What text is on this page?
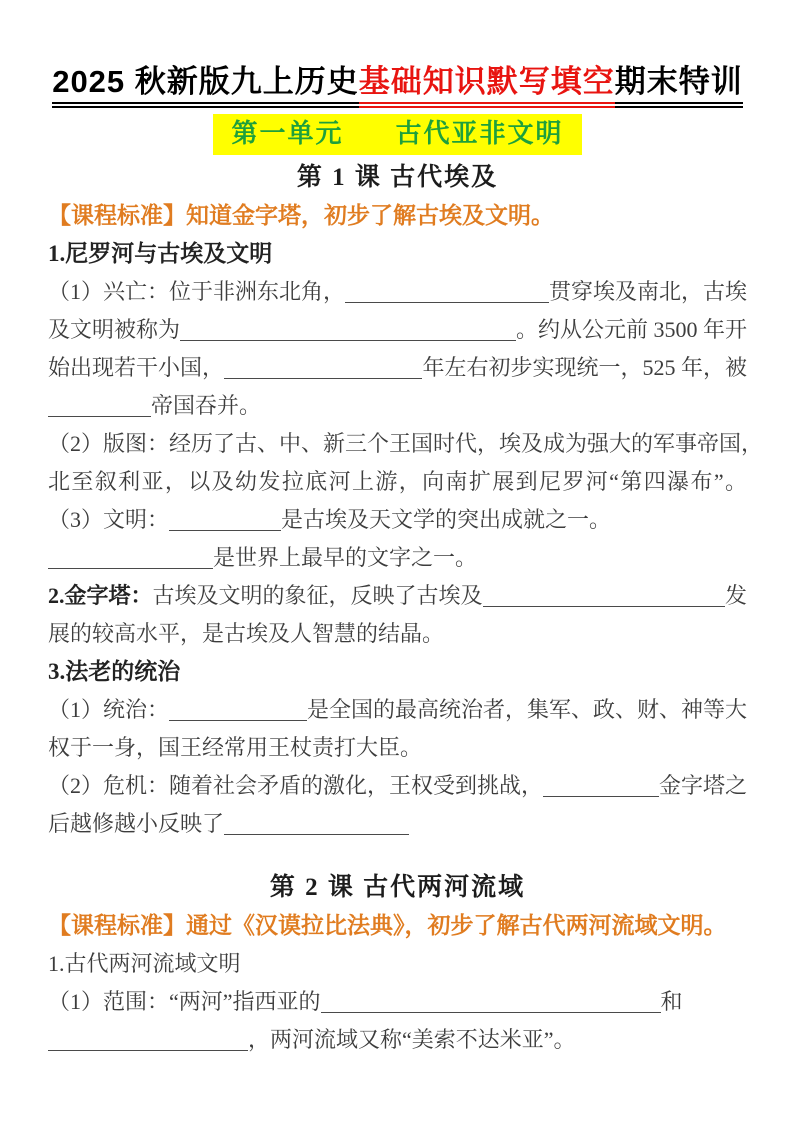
2025 秋新版九上历史基础知识默写填空期末特训
第一单元 古代亚非文明
第 1 课 古代埃及
【课程标准】知道金字塔，初步了解古埃及文明。
1.尼罗河与古埃及文明
（1）兴亡：位于非洲东北角，	贯穿埃及南北，古埃
及文明被称为	。约从公元前 3500 年开
始出现若干小国，	年左右初步实现统一，525 年，被
帝国吞并。
（2）版图：经历了古、中、新三个王国时代，埃及成为强大的军事帝国，
北至叙利亚，以及幼发拉底河上游，向南扩展到尼罗河“第四瀑布”。
（3）文明：	是古埃及天文学的突出成就之一。
是世界上最早的文字之一。
2.金字塔： 古埃及文明的象征，反映了古埃及	发
展的较高水平，是古埃及人智慧的结晶。
3.法老的统治
（1）统治：	是全国的最高统治者，集军、政、财、神等大
权于一身，国王经常用王杖责打大臣。
（2）危机：随着社会矛盾的激化，王权受到挑战，	金字塔之
后越修越小反映了
第 2 课 古代两河流域
【课程标准】通过《汉谟拉比法典》，初步了解古代两河流域文明。
1.古代两河流域文明
（1）范围：“两河”指西亚的	和
，两河流域又称“美索不达米亚”。
